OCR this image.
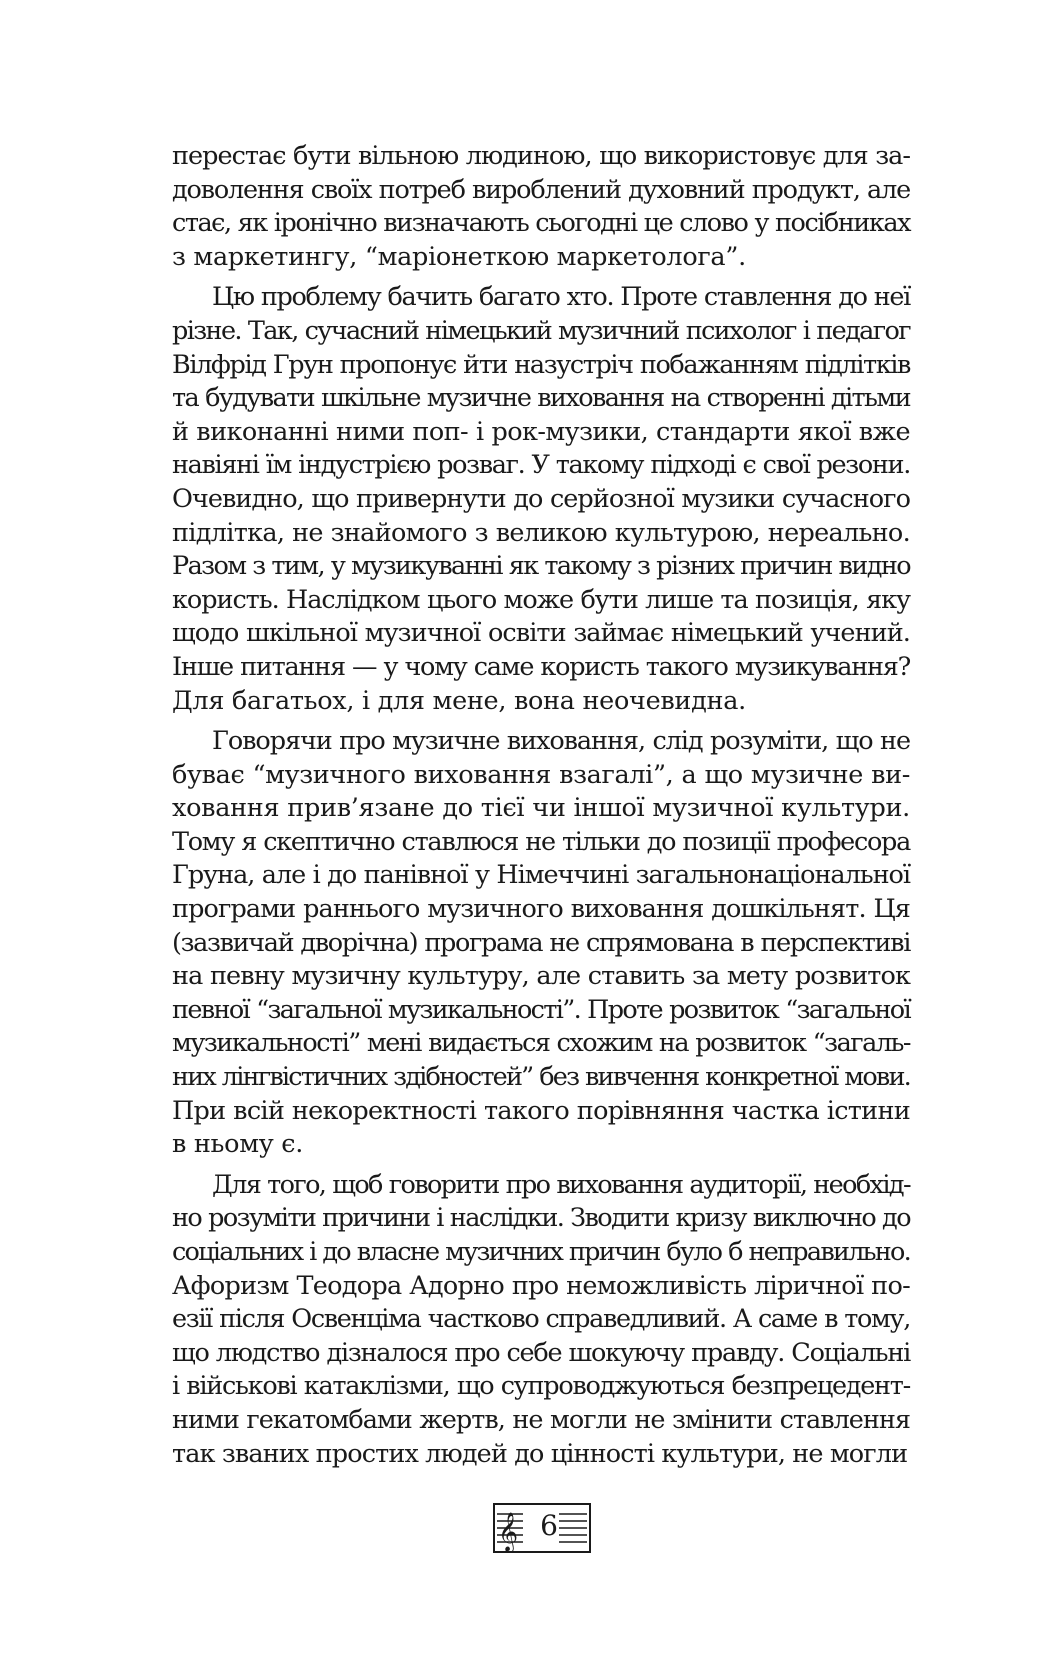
перестає бути вільною людиною, що використовує для за-
доволення своїх потреб вироблений духовний продукт, але
стає, як іронічно визначають сьогодні це слово у посібниках
з маркетингу, “маріонеткою маркетолога”.
Цю проблему бачить багато хто. Проте ставлення до неї
різне. Так, сучасний німецький музичний психолог і педагог
Вілфрід Грун пропонує йти назустріч побажанням підлітків
та будувати шкільне музичне виховання на створенні дітьми
й виконанні ними поп- і рок-музики, стандарти якої вже
навіяні їм індустрією розваг. У такому підході є свої резони.
Очевидно, що привернути до серйозної музики сучасного
підлітка, не знайомого з великою культурою, нереально.
Разом з тим, у музикуванні як такому з різних причин видно
користь. Наслідком цього може бути лише та позиція, яку
щодо шкільної музичної освіти займає німецький учений.
Інше питання — у чому саме користь такого музикування?
Для багатьох, і для мене, вона неочевидна.
Говорячи про музичне виховання, слід розуміти, що не
буває “музичного виховання взагалі”, а що музичне ви-
ховання прив’язане до тієї чи іншої музичної культури.
Тому я скептично ставлюся не тільки до позиції професора
Груна, але і до панівної у Німеччині загальнонаціональної
програми раннього музичного виховання дошкільнят. Ця
(зазвичай дворічна) програма не спрямована в перспективі
на певну музичну культуру, але ставить за мету розвиток
певної “загальної музикальності”. Проте розвиток “загальної
музикальності” мені видається схожим на розвиток “загаль-
них лінгвістичних здібностей” без вивчення конкретної мови.
При всій некоректності такого порівняння частка істини
в ньому є.
Для того, щоб говорити про виховання аудиторії, необхід-
но розуміти причини і наслідки. Зводити кризу виключно до
соціальних і до власне музичних причин було б неправильно.
Афоризм Теодора Адорно про неможливість ліричної по-
езії після Освенціма частково справедливий. А саме в тому,
що людство дізналося про себе шокуючу правду. Соціальні
і військові катаклізми, що супроводжуються безпрецедент-
ними гекатомбами жертв, не могли не змінити ставлення
так званих простих людей до цінності культури, не могли
𝄞 6
